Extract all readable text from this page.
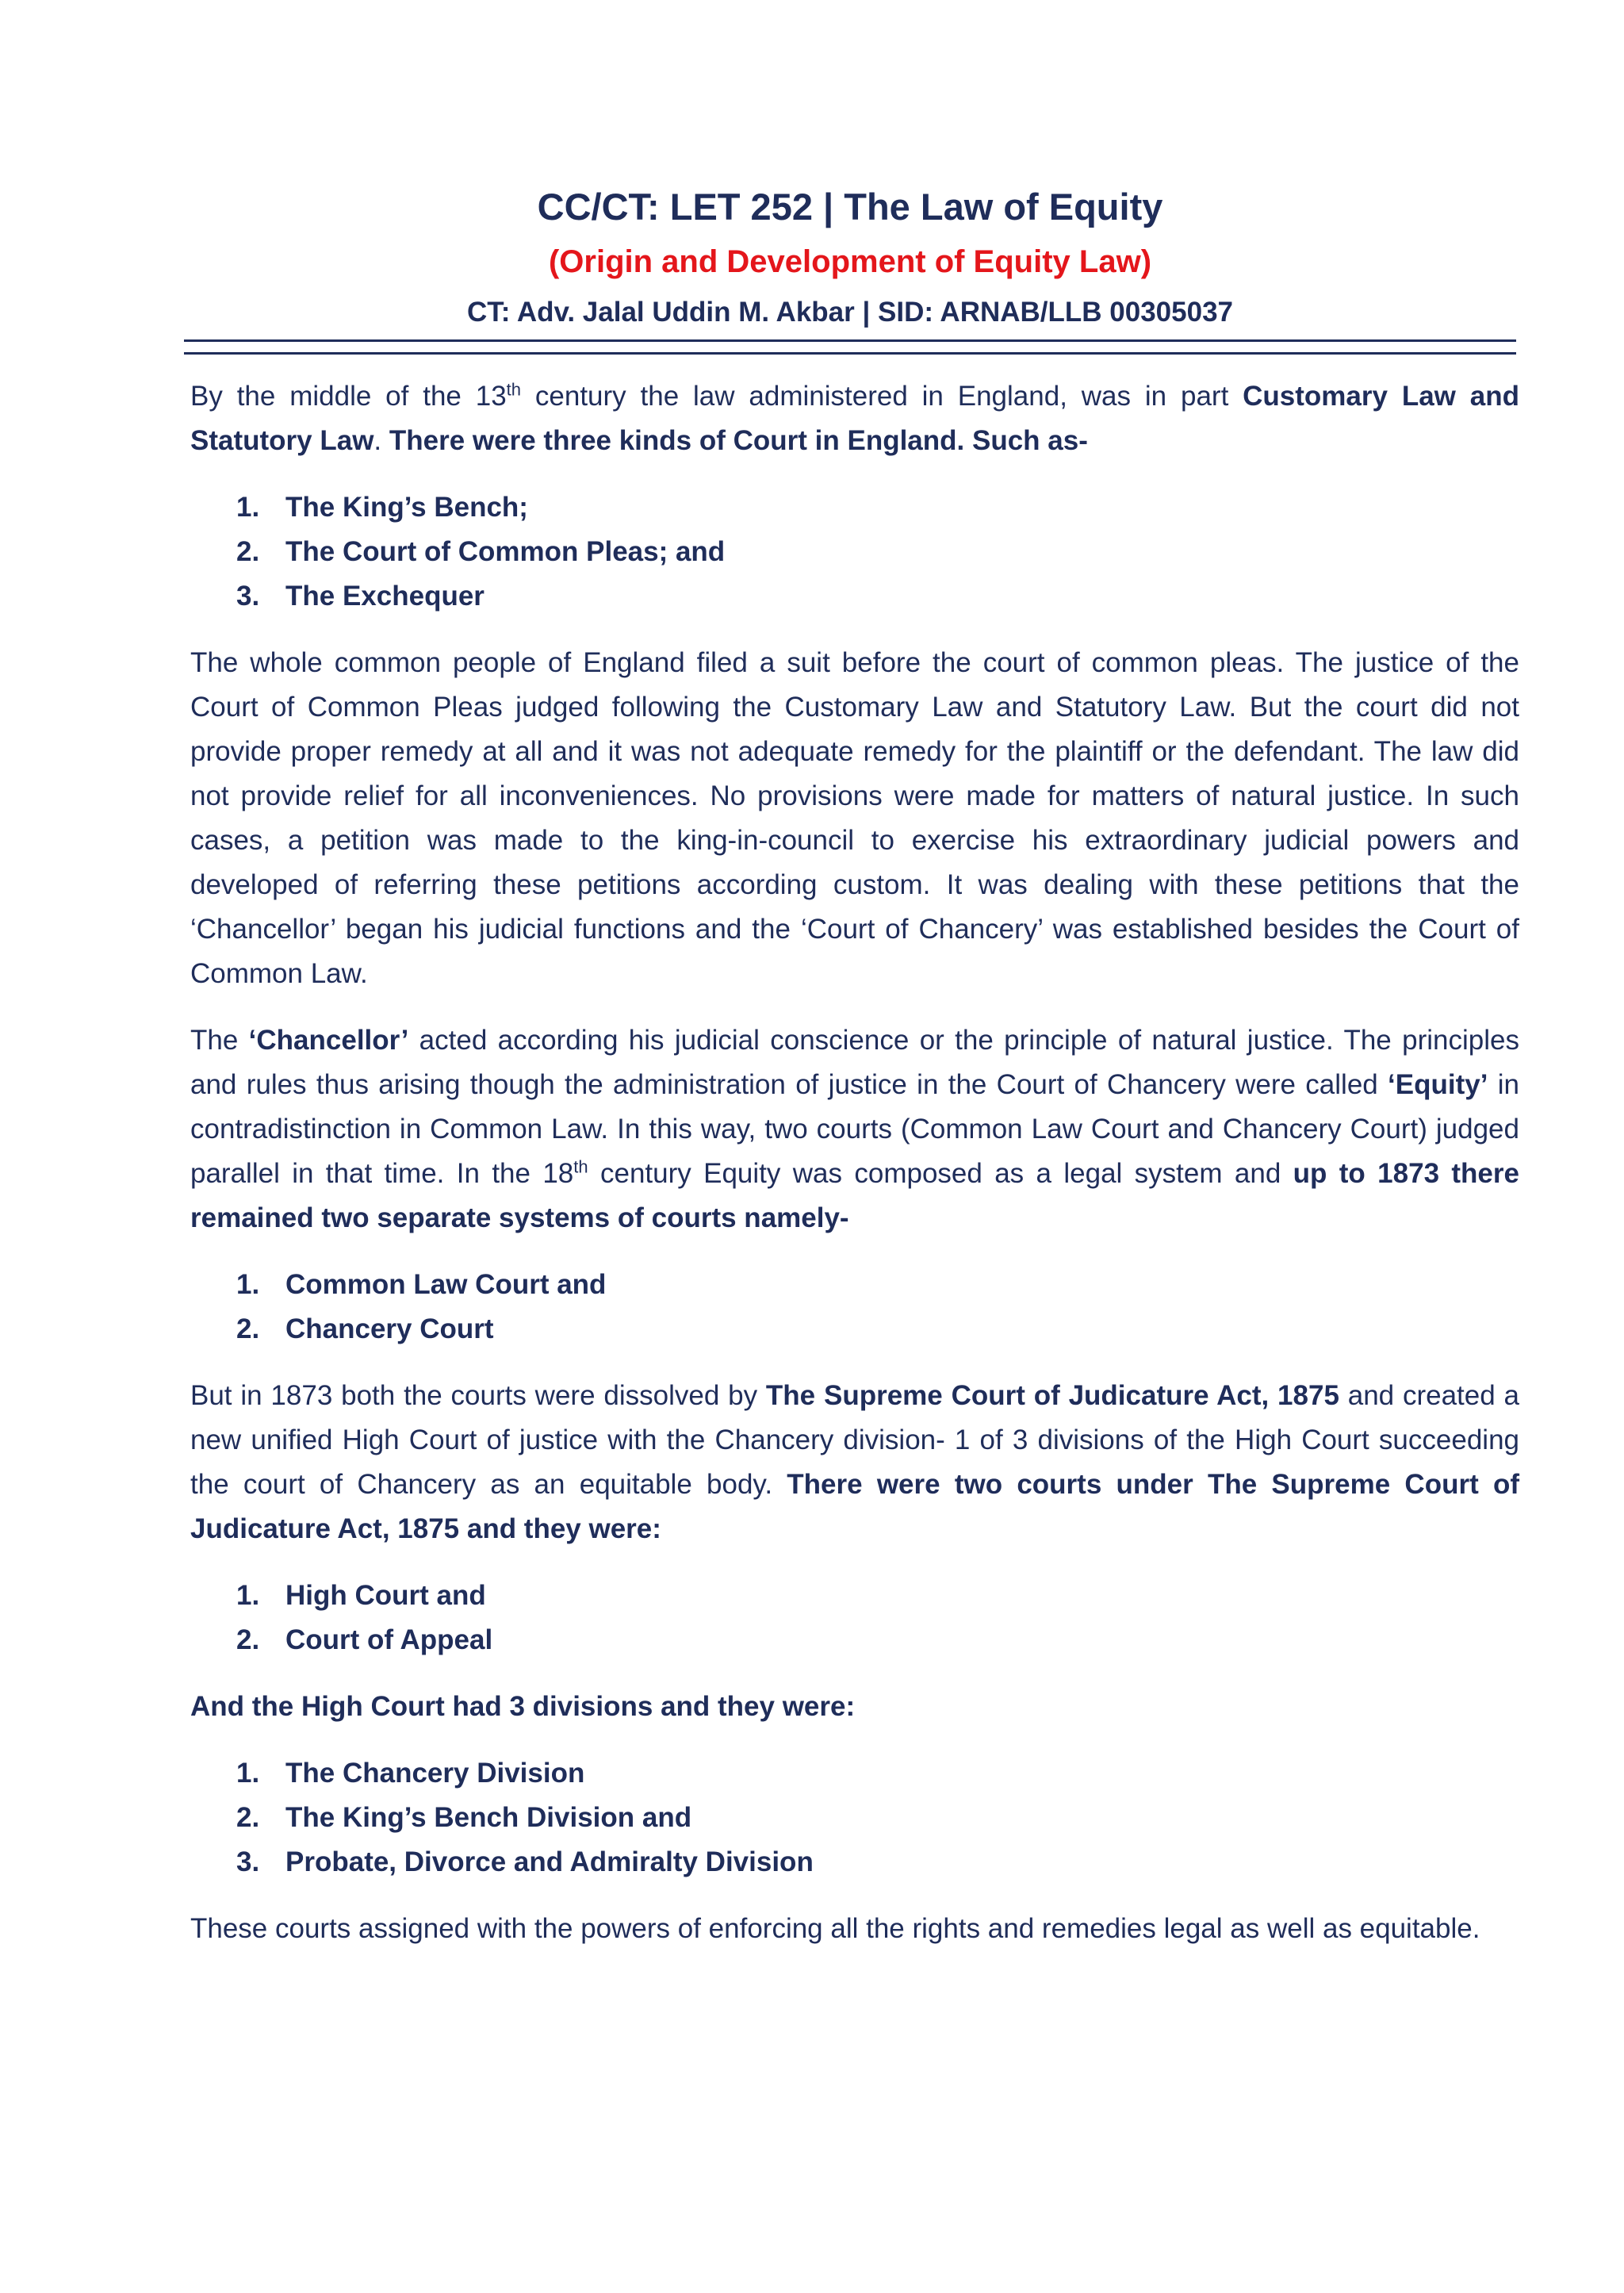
CC/CT: LET 252 | The Law of Equity
(Origin and Development of Equity Law)
CT: Adv. Jalal Uddin M. Akbar | SID: ARNAB/LLB 00305037

By the middle of the 13th century the law administered in England, was in part Customary Law and Statutory Law. There were three kinds of Court in England. Such as-

1. The King’s Bench;
2. The Court of Common Pleas; and
3. The Exchequer

The whole common people of England filed a suit before the court of common pleas. The justice of the Court of Common Pleas judged following the Customary Law and Statutory Law. But the court did not provide proper remedy at all and it was not adequate remedy for the plaintiff or the defendant. The law did not provide relief for all inconveniences. No provisions were made for matters of natural justice. In such cases, a petition was made to the king-in-council to exercise his extraordinary judicial powers and developed of referring these petitions according custom. It was dealing with these petitions that the ‘Chancellor’ began his judicial functions and the ‘Court of Chancery’ was established besides the Court of Common Law.

The ‘Chancellor’ acted according his judicial conscience or the principle of natural justice. The principles and rules thus arising though the administration of justice in the Court of Chancery were called ‘Equity’ in contradistinction in Common Law. In this way, two courts (Common Law Court and Chancery Court) judged parallel in that time. In the 18th century Equity was composed as a legal system and up to 1873 there remained two separate systems of courts namely-

1. Common Law Court and
2. Chancery Court

But in 1873 both the courts were dissolved by The Supreme Court of Judicature Act, 1875 and created a new unified High Court of justice with the Chancery division- 1 of 3 divisions of the High Court succeeding the court of Chancery as an equitable body. There were two courts under The Supreme Court of Judicature Act, 1875 and they were:

1. High Court and
2. Court of Appeal

And the High Court had 3 divisions and they were:

1. The Chancery Division
2. The King’s Bench Division and
3. Probate, Divorce and Admiralty Division

These courts assigned with the powers of enforcing all the rights and remedies legal as well as equitable.
